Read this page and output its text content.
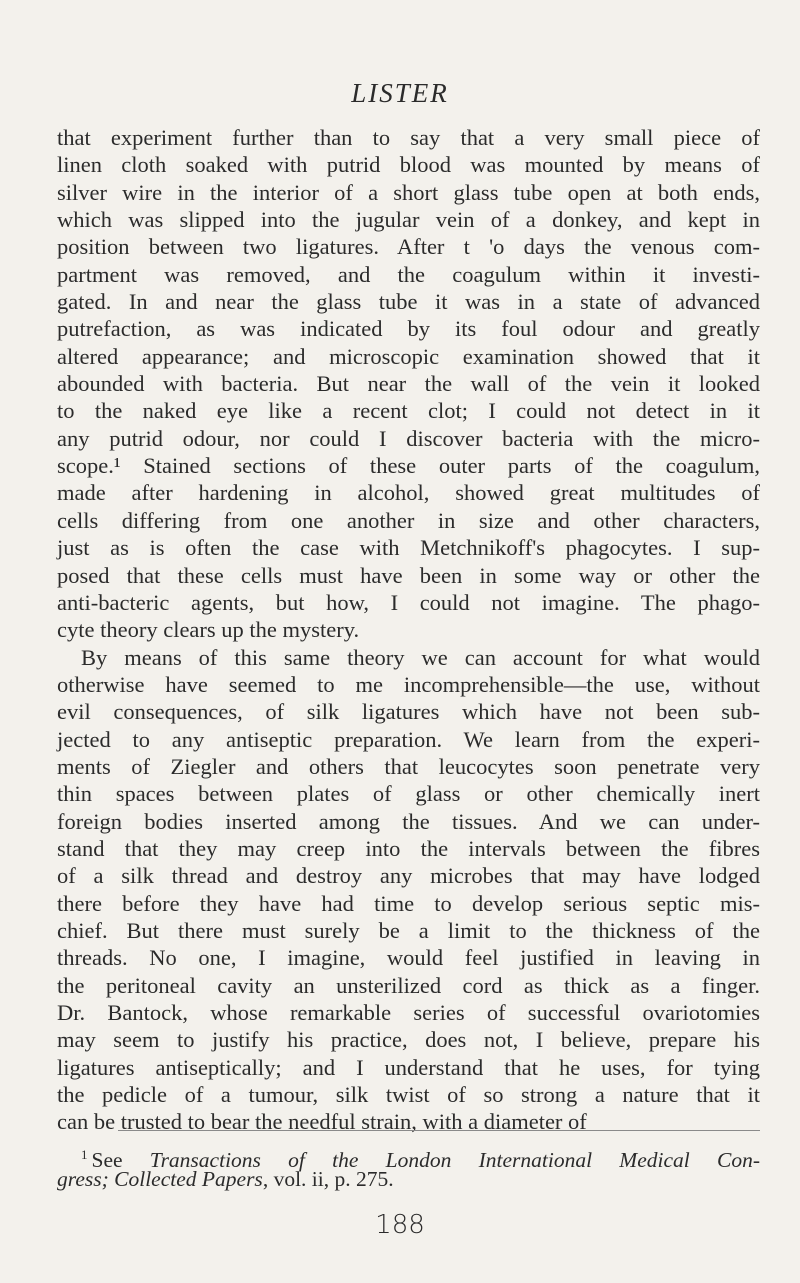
LISTER
that experiment further than to say that a very small piece of
linen cloth soaked with putrid blood was mounted by means of
silver wire in the interior of a short glass tube open at both ends,
which was slipped into the jugular vein of a donkey, and kept in
position between two ligatures. After t 'o days the venous com-
partment was removed, and the coagulum within it investi-
gated. In and near the glass tube it was in a state of advanced
putrefaction, as was indicated by its foul odour and greatly
altered appearance; and microscopic examination showed that it
abounded with bacteria. But near the wall of the vein it looked
to the naked eye like a recent clot; I could not detect in it
any putrid odour, nor could I discover bacteria with the micro-
scope.¹ Stained sections of these outer parts of the coagulum,
made after hardening in alcohol, showed great multitudes of
cells differing from one another in size and other characters,
just as is often the case with Metchnikoff's phagocytes. I sup-
posed that these cells must have been in some way or other the
anti-bacteric agents, but how, I could not imagine. The phago-
cyte theory clears up the mystery.
By means of this same theory we can account for what would
otherwise have seemed to me incomprehensible—the use, without
evil consequences, of silk ligatures which have not been sub-
jected to any antiseptic preparation. We learn from the experi-
ments of Ziegler and others that leucocytes soon penetrate very
thin spaces between plates of glass or other chemically inert
foreign bodies inserted among the tissues. And we can under-
stand that they may creep into the intervals between the fibres
of a silk thread and destroy any microbes that may have lodged
there before they have had time to develop serious septic mis-
chief. But there must surely be a limit to the thickness of the
threads. No one, I imagine, would feel justified in leaving in
the peritoneal cavity an unsterilized cord as thick as a finger.
Dr. Bantock, whose remarkable series of successful ovariotomies
may seem to justify his practice, does not, I believe, prepare his
ligatures antiseptically; and I understand that he uses, for tying
the pedicle of a tumour, silk twist of so strong a nature that it
can be trusted to bear the needful strain, with a diameter of
$^1$ See Transactions of the London International Medical Con-
gress; Collected Papers, vol. ii, p. 275.
188
